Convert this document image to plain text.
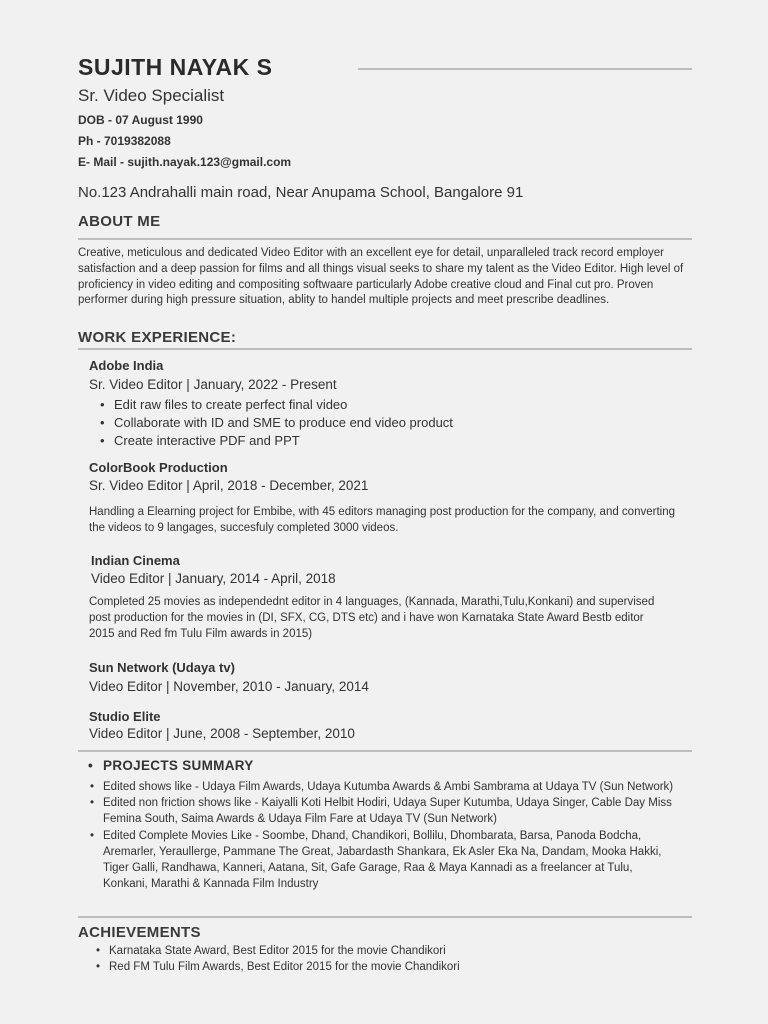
SUJITH NAYAK S
Sr. Video Specialist
DOB - 07 August 1990
Ph - 7019382088
E- Mail - sujith.nayak.123@gmail.com
No.123 Andrahalli main road, Near Anupama School, Bangalore 91
ABOUT ME
Creative, meticulous and dedicated Video Editor with an excellent eye for detail, unparalleled track record employer satisfaction and a deep passion for films and all things visual seeks to share my talent as the Video Editor. High level of proficiency in video editing and compositing softwaare particularly Adobe creative cloud and Final cut pro. Proven performer during high pressure situation, ablity to handel multiple projects and meet prescribe deadlines.
WORK EXPERIENCE:
Adobe India
Sr. Video Editor | January, 2022 - Present
• Edit raw files to create perfect final video
• Collaborate with ID and SME to produce end video product
• Create interactive PDF and PPT
ColorBook Production
Sr. Video Editor | April, 2018 - December, 2021
Handling a Elearning project for Embibe, with 45 editors managing post production for the company, and converting the videos to 9 langages, succesfuly completed 3000 videos.
Indian Cinema
Video Editor | January, 2014 - April, 2018
Completed 25 movies as independednt editor in 4 languages, (Kannada, Marathi,Tulu,Konkani) and supervised post production for the movies in (DI, SFX, CG, DTS etc) and i have won Karnataka State Award Bestb editor 2015 and Red fm Tulu Film awards in 2015)
Sun Network (Udaya tv)
Video Editor | November, 2010 - January, 2014
Studio Elite
Video Editor | June, 2008 - September, 2010
• PROJECTS SUMMARY
• Edited shows like - Udaya Film Awards, Udaya Kutumba Awards & Ambi Sambrama at Udaya TV (Sun Network)
• Edited non friction shows like - Kaiyalli Koti Helbit Hodiri, Udaya Super Kutumba, Udaya Singer, Cable Day Miss Femina South, Saima Awards & Udaya Film Fare at Udaya TV (Sun Network)
• Edited Complete Movies Like - Soombe, Dhand, Chandikori, Bollilu, Dhombarata, Barsa, Panoda Bodcha, Aremarler, Yeraullerge, Pammane The Great, Jabardasth Shankara, Ek Asler Eka Na, Dandam, Mooka Hakki, Tiger Galli, Randhawa, Kanneri, Aatana, Sit, Gafe Garage, Raa & Maya Kannadi as a freelancer at Tulu, Konkani, Marathi & Kannada Film Industry
ACHIEVEMENTS
• Karnataka State Award, Best Editor 2015 for the movie Chandikori
• Red FM Tulu Film Awards, Best Editor 2015 for the movie Chandikori
